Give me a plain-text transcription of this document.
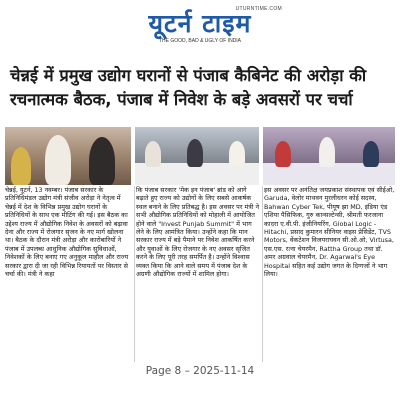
UTURNTIME.COM
यूटर्न टाइम
THE GOOD, BAD & UGLY OF INDIA
चेन्नई में प्रमुख उद्योग घरानों से पंजाब कैबिनेट की अरोड़ा की रचनात्मक बैठक, पंजाब में निवेश के बड़े अवसरों पर चर्चा

चेन्नई, यूटर्न, 13 नवम्बर। पंजाब सरकार के प्रतिनिधिमंडल उद्योग मंत्री संजीव अरोड़ा ने नेतृत्व में चेन्नई में देश के विभिन्न प्रमुख उद्योग घरानों के प्रतिनिधियों के साथ एक मीटिंग की गई। इस बैठक का उद्देश्य राज्य में औद्योगिक निवेश के अवसरों को बढ़ावा देना और राज्य में रोजगार सृजन के नए मार्ग खोलना था। बैठक के दौरान मंत्री अरोड़ा और कारोबारियों ने पंजाब में उपलब्ध आधुनिक औद्योगिक सुविधाओं, निवेशकों के लिए बनाए गए अनुकूल माहौल और राज्य सरकार द्वारा दी जा रही विभिन्न रियायतों पर विस्तार से चर्चा की। मंत्री ने कहा

कि पंजाब सरकार 'मेक इन पंजाब' ब्रांड को आगे बढ़ाते हुए राज्य को उद्योगों के लिए सबसे आकर्षक स्थल बनाने के लिए प्रतिबद्ध है। इस अवसर पर मंत्री ने सभी औद्योगिक प्रतिनिधियों को मोहाली में आयोजित होने वाले "Invest Punjab Summit" में भाग लेने के लिए आमंत्रित किया। उन्होंने कहा कि मान सरकार राज्य में बड़े पैमाने पर निवेश आकर्षित करने और युवाओं के लिए रोजगार के नए अवसर सृजित करने के लिए पूरी तरह समर्पित है। उन्होंने विश्वास व्यक्त किया कि आने वाले समय में पंजाब देश के अग्रणी औद्योगिक राज्यों में शामिल होगा।

इस अवसर पर अनंतिक्ष जयप्रकाश संस्थापक एवं सीईओ, Garuda, वेलोर माथवन मुरलीधरन कोई सदस्य, Bahwan Cyber Tek, पीयूष झा MD, इंडिया एंड एशिया पैसिफिक, गुरु कान्सल्टेन्सी, श्रीमती फरजाना कादरा ए.वी.पी. इंजीनियरिंग, Global Logic - Hitachi, प्रसाद कुमारन सीनियर वाइस प्रेसिडेंट, TVS Motors, वेंकटेशन विजयराघवन सी.ओ.ओ, Virtusa, एस.एस. रत्ना चेयरमैन, Rattha Group तथा डॉ. अमर अग्रवाल चेयरमैन, Dr. Agarwal's Eye Hospital सहित कई उद्योग जगत के दिग्गजों ने भाग लिया।

Page 8 – 2025-11-14
